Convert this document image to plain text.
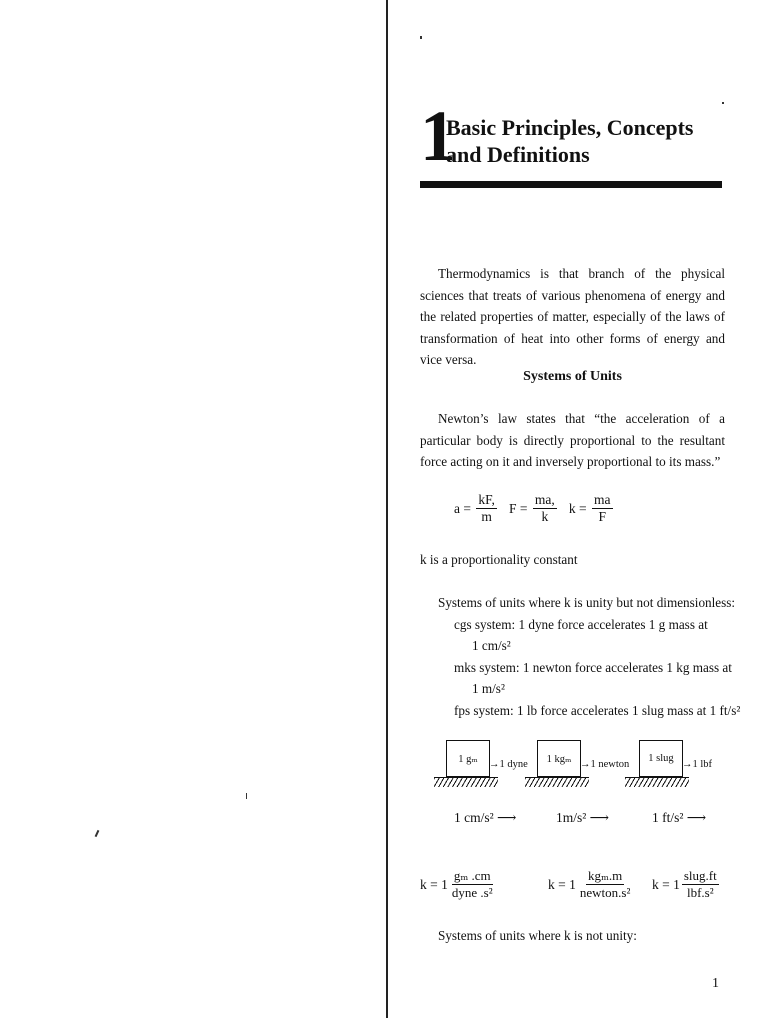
1
Basic Principles, Concepts
and Definitions

Thermodynamics is that branch of the physical sciences that treats of various phenomena of energy and the related properties of matter, especially of the laws of transformation of heat into other forms of energy and vice versa.

Systems of Units

Newton’s law states that “the acceleration of a particular body is directly proportional to the resultant force acting on it and inversely proportional to its mass.”

$a = \frac{kF,}{m}$ $F = \frac{ma,}{k}$ $k = \frac{ma}{F}$

k is a proportionality constant

Systems of units where k is unity but not dimensionless:
cgs system: 1 dyne force accelerates 1 g mass at
1 cm/s²
mks system: 1 newton force accelerates 1 kg mass at
1 m/s²
fps system: 1 lb force accelerates 1 slug mass at 1 ft/s²
1 gₘ	→1 dyne	1 kgₘ →1 newton
1 slug
→1 lbf
1 cm/s² ⟶	1m/s² ⟶	1 ft/s² ⟶
$k = 1 \frac{\text{gₘ .cm}}{\text{dyne .s²}}$	$k = 1 \frac{\text{kgₘ.m}}{\text{newton.s²}}$ $k = 1 \frac{\text{slug.ft}}{\text{lbf.s²}}$
Systems of units where k is not unity:
1
